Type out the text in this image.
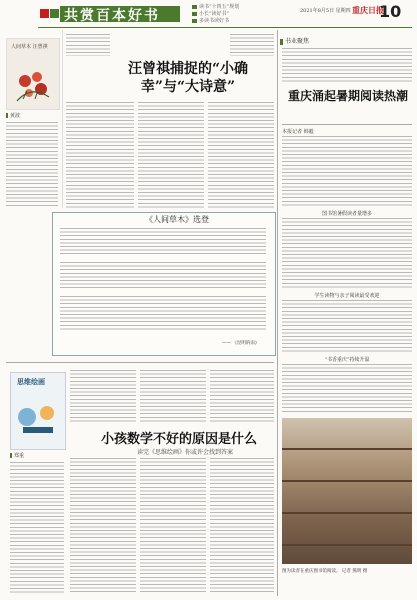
共赏百本好书
读书“十四五”规划
小长“读好书”
多读书读好书
2021年8月5日 星期四 重庆日报
10
人间草木 汪曾祺
黄波
汪曾祺捕捉的“小确幸”与“大诗意”
《人间草木》选登
—— 《昆明的雨》
思维绘画
郑重
小孩数学不好的原因是什么
读完《思维绘画》你或许会找到答案
书业聚焦
重庆涌起暑期阅读热潮
本报记者 韩毅
图书馆暑假读者量增多
学生读物与亲子阅读最受欢迎
“书香重庆”持续升温
图为读者在重庆图书馆阅读。 记者 熊明 摄
